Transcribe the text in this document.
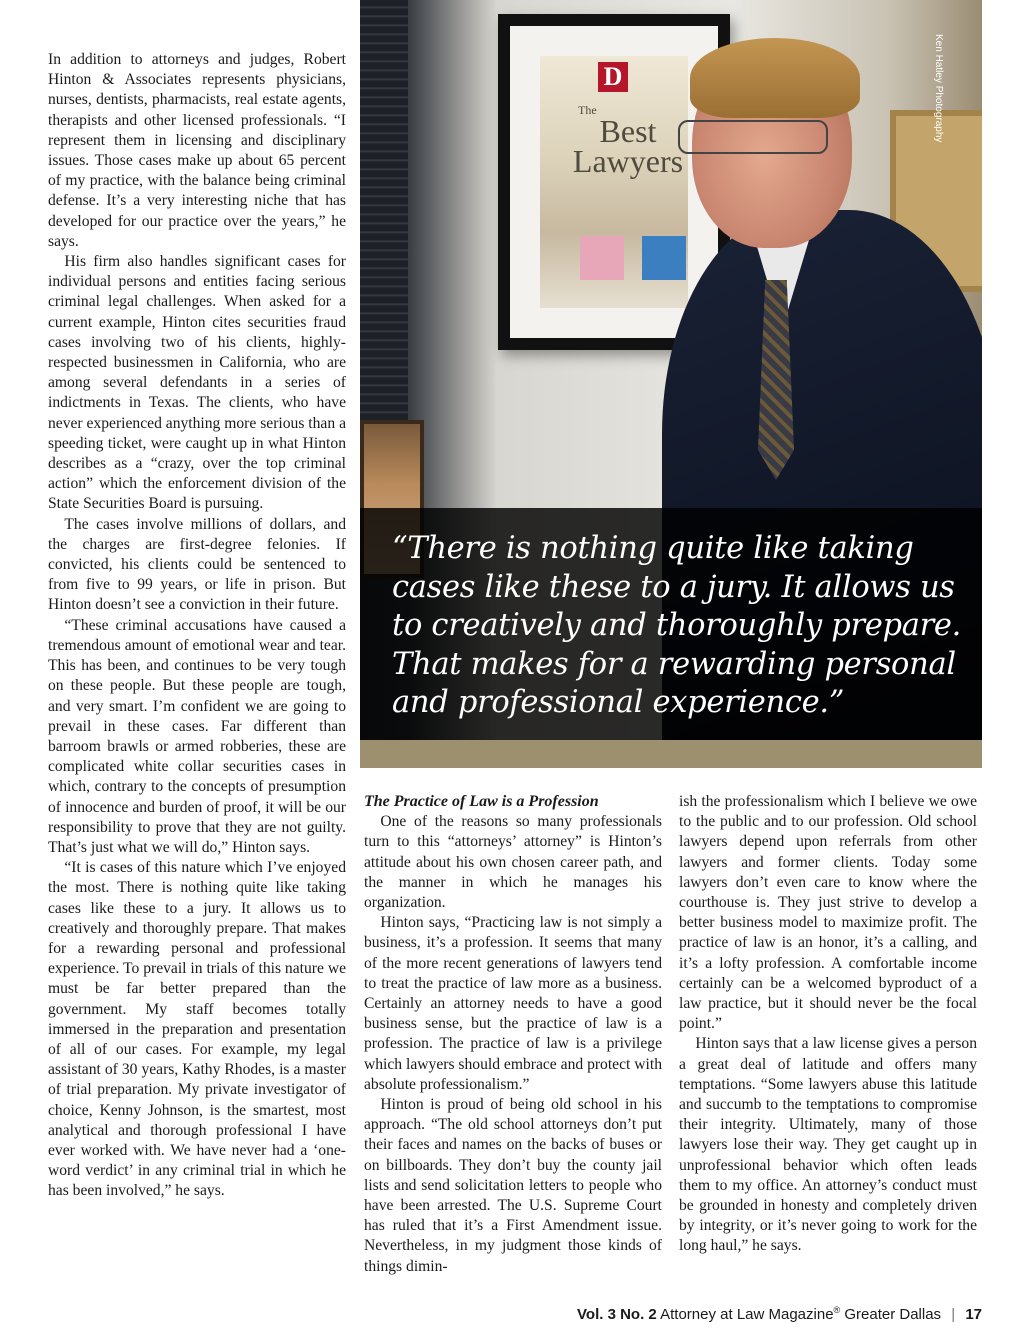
In addition to attorneys and judges, Robert Hinton & Associates represents physicians, nurses, dentists, pharmacists, real estate agents, therapists and other licensed professionals. “I represent them in licensing and disciplinary issues. Those cases make up about 65 percent of my practice, with the balance being criminal defense. It’s a very interesting niche that has developed for our practice over the years,” he says.

His firm also handles significant cases for individual persons and entities facing serious criminal legal challenges. When asked for a current example, Hinton cites securities fraud cases involving two of his clients, highly-respected businessmen in California, who are among several defendants in a series of indictments in Texas. The clients, who have never experienced anything more serious than a speeding ticket, were caught up in what Hinton describes as a “crazy, over the top criminal action” which the enforcement division of the State Securities Board is pursuing.

The cases involve millions of dollars, and the charges are first-degree felonies. If convicted, his clients could be sentenced to from five to 99 years, or life in prison. But Hinton doesn’t see a conviction in their future.

“These criminal accusations have caused a tremendous amount of emotional wear and tear. This has been, and continues to be very tough on these people. But these people are tough, and very smart. I’m confident we are going to prevail in these cases. Far different than barroom brawls or armed robberies, these are complicated white collar securities cases in which, contrary to the concepts of presumption of innocence and burden of proof, it will be our responsibility to prove that they are not guilty. That’s just what we will do,” Hinton says.

“It is cases of this nature which I’ve enjoyed the most. There is nothing quite like taking cases like these to a jury. It allows us to creatively and thoroughly prepare. That makes for a rewarding personal and professional experience. To prevail in trials of this nature we must be far better prepared than the government. My staff becomes totally immersed in the preparation and presentation of all of our cases. For example, my legal assistant of 30 years, Kathy Rhodes, is a master of trial preparation. My private investigator of choice, Kenny Johnson, is the smartest, most analytical and thorough professional I have ever worked with. We have never had a ‘one-word verdict’ in any criminal trial in which he has been involved,” he says.

D
The
Best
Lawyers
Ken Hatley Photography
“There is nothing quite like taking cases like these to a jury. It allows us to creatively and thoroughly prepare. That makes for a rewarding personal and professional experience.”

The Practice of Law is a Profession

One of the reasons so many professionals turn to this “attorneys’ attorney” is Hinton’s attitude about his own chosen career path, and the manner in which he manages his organization.

Hinton says, “Practicing law is not simply a business, it’s a profession. It seems that many of the more recent generations of lawyers tend to treat the practice of law more as a business. Certainly an attorney needs to have a good business sense, but the practice of law is a profession. The practice of law is a privilege which lawyers should embrace and protect with absolute professionalism.”

Hinton is proud of being old school in his approach. “The old school attorneys don’t put their faces and names on the backs of buses or on billboards. They don’t buy the county jail lists and send solicitation letters to people who have been arrested. The U.S. Supreme Court has ruled that it’s a First Amendment issue. Nevertheless, in my judgment those kinds of things dimin-

ish the professionalism which I believe we owe to the public and to our profession. Old school lawyers depend upon referrals from other lawyers and former clients. Today some lawyers don’t even care to know where the courthouse is. They just strive to develop a better business model to maximize profit. The practice of law is an honor, it’s a calling, and it’s a lofty profession. A comfortable income certainly can be a welcomed byproduct of a law practice, but it should never be the focal point.”

Hinton says that a law license gives a person a great deal of latitude and offers many temptations. “Some lawyers abuse this latitude and succumb to the temptations to compromise their integrity. Ultimately, many of those lawyers lose their way. They get caught up in unprofessional behavior which often leads them to my office. An attorney’s conduct must be grounded in honesty and completely driven by integrity, or it’s never going to work for the long haul,” he says.

Vol. 3 No. 2 Attorney at Law Magazine® Greater Dallas | 17
